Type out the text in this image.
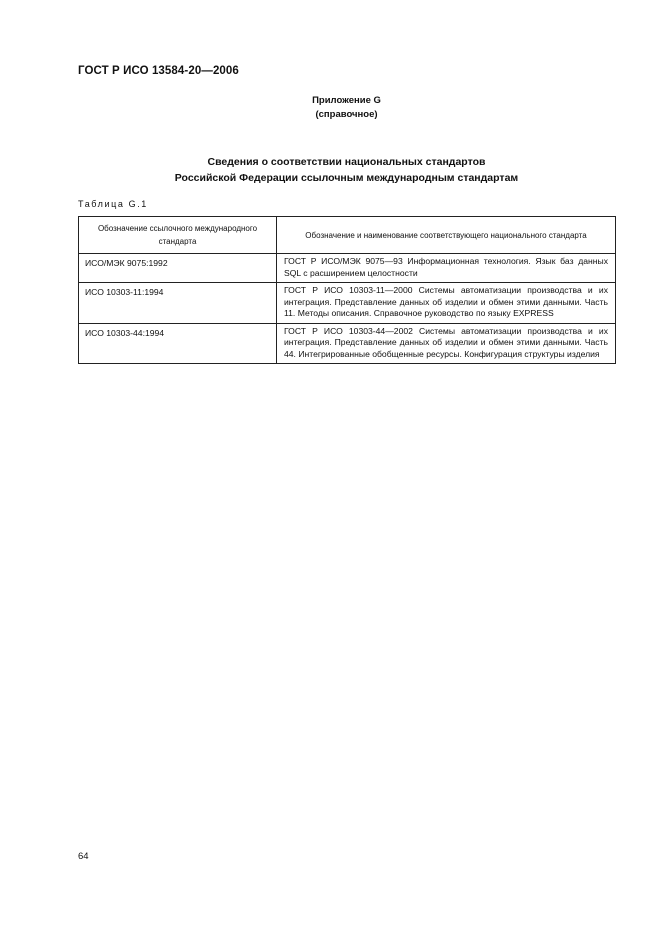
ГОСТ Р ИСО 13584-20—2006
Приложение G
(справочное)
Сведения о соответствии национальных стандартов
Российской Федерации ссылочным международным стандартам
Таблица G.1
Обозначение ссылочного международного стандарта	Обозначение и наименование соответствующего национального стандарта
ИСО/МЭК 9075:1992	ГОСТ Р ИСО/МЭК 9075—93 Информационная технология. Язык баз данных SQL с расширением целостности
ИСО 10303-11:1994	ГОСТ Р ИСО 10303-11—2000 Системы автоматизации производства и их интеграция. Представление данных об изделии и обмен этими данными. Часть 11. Методы описания. Справочное руководство по языку EXPRESS
ИСО 10303-44:1994	ГОСТ Р ИСО 10303-44—2002 Системы автоматизации производства и их интеграция. Представление данных об изделии и обмен этими данными. Часть 44. Интегрированные обобщенные ресурсы. Конфигурация структуры изделия
64
